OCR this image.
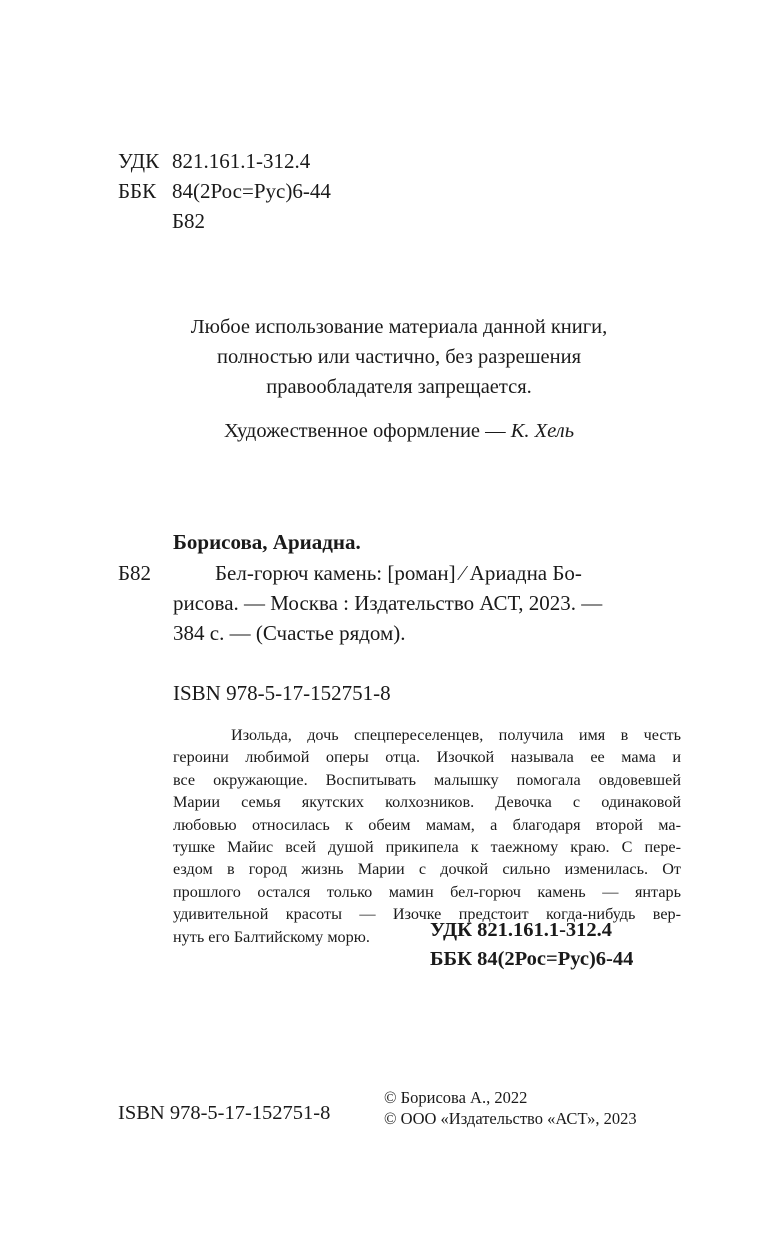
УДК 821.161.1-312.4
ББК 84(2Рос=Рус)6-44
Б82
Любое использование материала данной книги,
полностью или частично, без разрешения
правообладателя запрещается.
Художественное оформление — К. Хель
Борисова, Ариадна.
Б82	Бел-горюч камень: [роман] ⁄ Ариадна Бо-
рисова. — Москва : Издательство АСТ, 2023. —
384 с. — (Счастье рядом).
ISBN 978-5-17-152751-8
Изольда, дочь спецпереселенцев, получила имя в честь
героини любимой оперы отца. Изочкой называла ее мама и
все окружающие. Воспитывать малышку помогала овдовевшей
Марии семья якутских колхозников. Девочка с одинаковой
любовью относилась к обеим мамам, а благодаря второй ма-
тушке Майис всей душой прикипела к таежному краю. С пере-
ездом в город жизнь Марии с дочкой сильно изменилась. От
прошлого остался только мамин бел-горюч камень — янтарь
удивительной красоты — Изочке предстоит когда-нибудь вер-
нуть его Балтийскому морю.	УДК 821.161.1-312.4
ББК 84(2Рос=Рус)6-44
ISBN 978-5-17-152751-8
© Борисова А., 2022
© ООО «Издательство «АСТ», 2023
